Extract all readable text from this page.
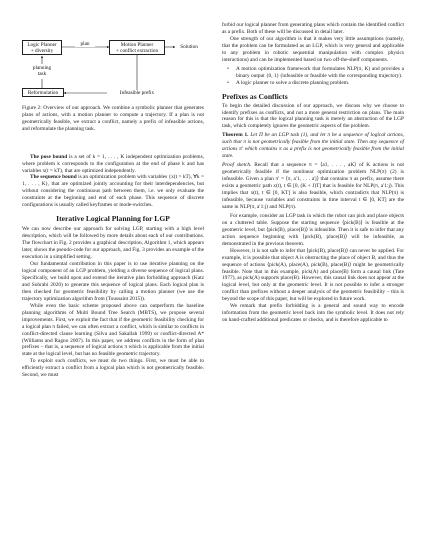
Logic Planner
+ diversity
plan	Motion Planner
+ conflict extraction
Solution
planning
task
Reformulation	Infeasible prefix

Figure 2: Overview of our approach. We combine a symbolic planner that generates plans of actions, with a motion planner to compute a trajectory. If a plan is not geometrically feasible, we extract a conflict, namely a prefix of infeasible actions, and reformulate the planning task.

The pose bound is a set of k = 1, . . . , K independent optimization problems, where problem k corresponds to the configuration at the end of phase k and has variables x(t = kT), that are optimized independently.

The sequence bound is an optimization problem with variables {x(t = kT), ∀k = 1, . . . , K}, that are optimized jointly accounting for their interdependencies, but without considering the continuous path between them, i.e. we only evaluate the constraints at the beginning and end of each phase. This sequence of discrete configurations is usually called keyframes or mode-switches.

Iterative Logical Planning for LGP

We can now describe our approach for solving LGP, starting with a high level description, which will be followed by more details about each of our contributions. The flowchart in Fig. 2 provides a graphical description, Algorithm 1, which appears later, shows the pseudo-code for our approach, and Fig. 3 provides an example of the execution in a simplified setting.

Our fundamental contribution in this paper is to use iterative planning on the logical component of an LGP problem, yielding a diverse sequence of logical plans. Specifically, we build upon and extend the iterative plan forbidding approach (Katz and Sohrabi 2020) to generate this sequence of logical plans. Each logical plan is then checked for geometric feasibility by calling a motion planner (we use the trajectory optimization algorithm from (Toussaint 2015)).

While even the basic scheme proposed above can outperform the baseline planning algorithms of Multi Bound Tree Search (MBTS), we propose several improvements. First, we exploit the fact that if the geometric feasibility checking for a logical plan π failed, we can often extract a conflict, which is similar to conflicts in conflict-directed clause learning (Silva and Sakallah 1999) or conflict-directed A* (Williams and Ragno 2007). In this paper, we address conflicts in the form of plan prefixes – that is, a sequence of logical actions π which is applicable from the initial state at the logical level, but has no feasible geometric trajectory.

To exploit such conflicts, we must do two things. First, we must be able to efficiently extract a conflict from a logical plan which is not geometrically feasible. Second, we must

forbid our logical planner from generating plans which contain the identified conflict as a prefix. Both of these will be discussed in detail later.

One strength of our algorithm is that it makes very little assumptions (namely, that the problem can be formulated as an LGP, which is very general and applicable to any problem in robotic sequential manipulation with complex physics interactions) and can be implemented based on two off-the-shelf components.

• A motion optimization framework that formulates NLP(π, K) and provides a binary output {0, 1} (infeasible or feasible with the corresponding trajectory).
• A logic planner to solve a discrete planning problem.
Prefixes as Conflicts

To begin the detailed discussion of our approach, we discuss why we choose to identify prefixes as conflicts, and not a more general restriction on plans. The main reason for this is that the logical planning task is merely an abstraction of the LGP task, which completely ignores the geometric aspects of the problem.

Theorem 1. Let Π be an LGP task (1), and let π be a sequence of logical actions, such that π is not geometrically feasible from the initial state. Then any sequence of actions π′ which contains π as a prefix is not geometrically feasible from the initial state.

Proof sketch. Recall that a sequence π = ⟨a1, . . . , aK⟩ of K actions is not geometrically feasible if the nonlinear optimization problem NLP(π) (2) is infeasible. Given a plan π′ = ⟨π, a′1, . . . a′j⟩ that contains π as prefix, assume there exists a geometric path x(t), t ∈ [0, (K + J)T] that is feasible for NLP(π, a′1:j). This implies that x(t), t ∈ [0, KT] is also feasible, which contradicts that NLP(π) is infeasible, because variables and constraints in time interval t ∈ [0, KT] are the same in NLP(π, a′1:j) and NLP(π).

For example, consider an LGP task in which the robot can pick and place objects on a cluttered table. Suppose the starting sequence ⟨pick(B)⟩ is feasible at the geometric level, but ⟨pick(B), place(B)⟩ is infeasible. Then it is safe to infer that any action sequence beginning with ⟨pick(B), place(B)⟩ will be infeasible, as demonstrated in the previous theorem.

However, it is not safe to infer that ⟨pick(B), place(B)⟩ can never be applied. For example, it is possible that object A is obstructing the place of object B, and thus the sequence of actions ⟨pick(A), place(A), pick(B), place(B)⟩ might be geometrically feasible. Note that in this example, pick(A) and place(B) form a causal link (Tate 1977), as pick(A) supports place(B). However, this causal link does not appear at the logical level, but only at the geometric level. It is not possible to infer a stronger conflict than prefixes without a deeper analysis of the geometric feasibility – this is beyond the scope of this paper, but will be explored in future work.

We remark that prefix forbidding is a general and sound way to encode information from the geometric level back into the symbolic level. It does not rely on hand-crafted additional predicates or checks, and is therefore applicable to
